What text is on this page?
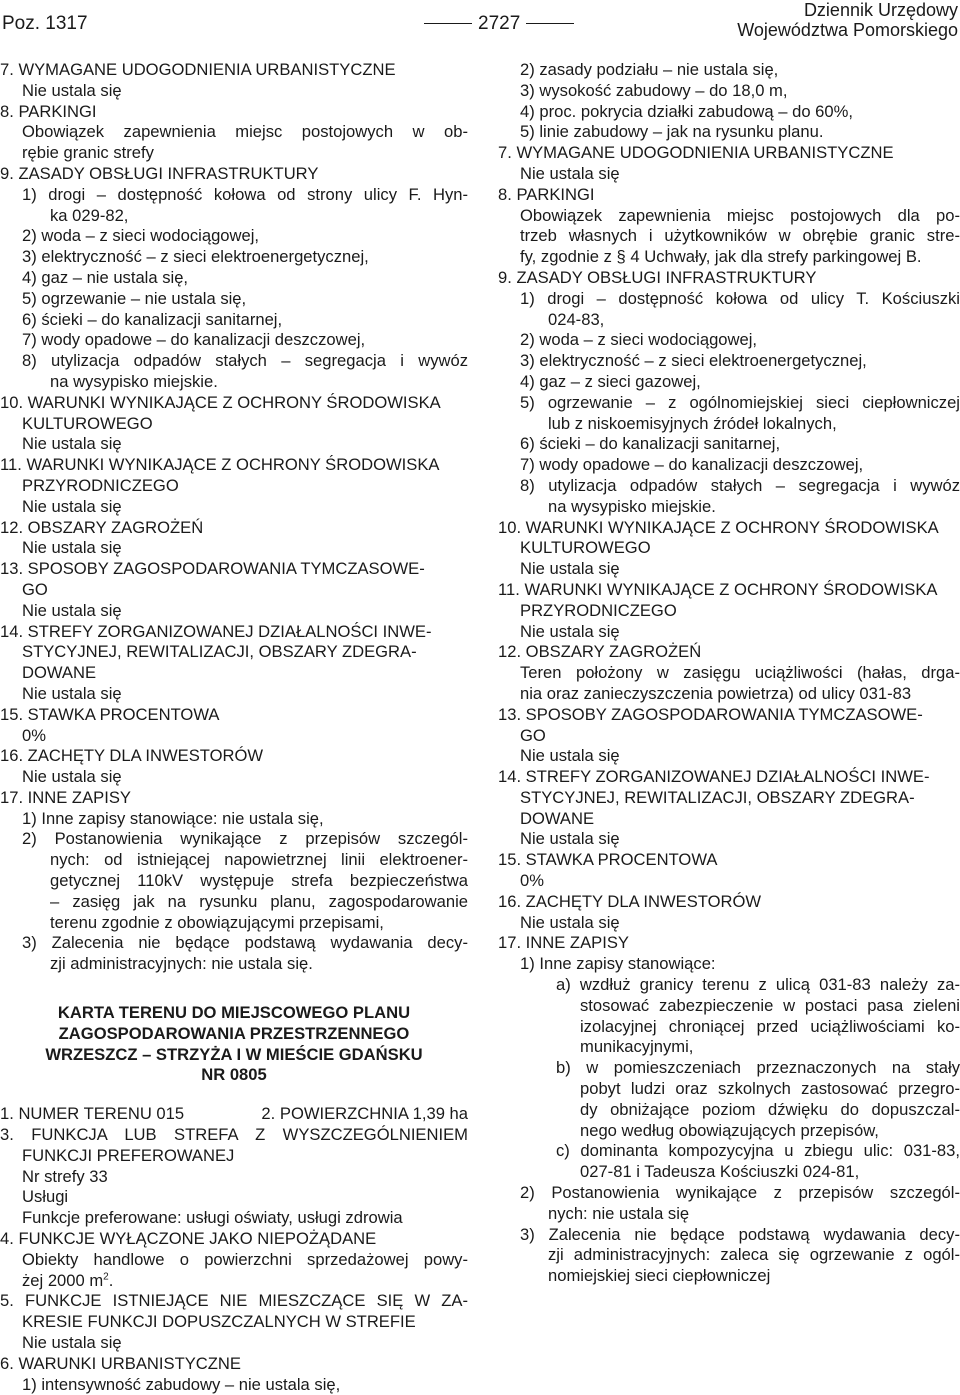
Poz. 1317	2727
Dziennik Urzędowy
Województwa Pomorskiego
7. WYMAGANE UDOGODNIENIA URBANISTYCZNE
Nie ustala się
8. PARKINGI
Obowiązek zapewnienia miejsc postojowych w ob-
rębie granic strefy
9. ZASADY OBSŁUGI INFRASTRUKTURY
1) drogi – dostępność kołowa od strony ulicy F. Hyn-
ka 029-82,
2) woda – z sieci wodociągowej,
3) elektryczność – z sieci elektroenergetycznej,
4) gaz – nie ustala się,
5) ogrzewanie – nie ustala się,
6) ścieki – do kanalizacji sanitarnej,
7) wody opadowe – do kanalizacji deszczowej,
8) utylizacja odpadów stałych – segregacja i wywóz
na wysypisko miejskie.
10. WARUNKI WYNIKAJĄCE Z OCHRONY ŚRODOWISKA
KULTUROWEGO
Nie ustala się
11. WARUNKI WYNIKAJĄCE Z OCHRONY ŚRODOWISKA
PRZYRODNICZEGO
Nie ustala się
12. OBSZARY ZAGROŻEŃ
Nie ustala się
13. SPOSOBY ZAGOSPODAROWANIA TYMCZASOWE-
GO
Nie ustala się
14. STREFY ZORGANIZOWANEJ DZIAŁALNOŚCI INWE-
STYCYJNEJ, REWITALIZACJI, OBSZARY ZDEGRA-
DOWANE
Nie ustala się
15. STAWKA PROCENTOWA
0%
16. ZACHĘTY DLA INWESTORÓW
Nie ustala się
17. INNE ZAPISY
1) Inne zapisy stanowiące: nie ustala się,
2) Postanowienia wynikające z przepisów szczegól-
nych: od istniejącej napowietrznej linii elektroener-
getycznej 110kV występuje strefa bezpieczeństwa
– zasięg jak na rysunku planu, zagospodarowanie
terenu zgodnie z obowiązującymi przepisami,
3) Zalecenia nie będące podstawą wydawania decy-
zji administracyjnych: nie ustala się.
KARTA TERENU DO MIEJSCOWEGO PLANU
ZAGOSPODAROWANIA PRZESTRZENNEGO
WRZESZCZ – STRZYŻA I W MIEŚCIE GDAŃSKU
NR 0805
1. NUMER TERENU 015	2. POWIERZCHNIA 1,39 ha
3. FUNKCJA LUB STREFA Z WYSZCZEGÓLNIENIEM
FUNKCJI PREFEROWANEJ
Nr strefy 33
Usługi
Funkcje preferowane: usługi oświaty, usługi zdrowia
4. FUNKCJE WYŁĄCZONE JAKO NIEPOŻĄDANE
Obiekty handlowe o powierzchni sprzedażowej powy-
żej 2000 $m^2$.
5. FUNKCJE ISTNIEJĄCE NIE MIESZCZĄCE SIĘ W ZA-
KRESIE FUNKCJI DOPUSZCZALNYCH W STREFIE
Nie ustala się
6. WARUNKI URBANISTYCZNE
1) intensywność zabudowy – nie ustala się,
2) zasady podziału – nie ustala się,
3) wysokość zabudowy – do 18,0 m,
4) proc. pokrycia działki zabudową – do 60%,
5) linie zabudowy – jak na rysunku planu.
7. WYMAGANE UDOGODNIENIA URBANISTYCZNE
Nie ustala się
8. PARKINGI
Obowiązek zapewnienia miejsc postojowych dla po-
trzeb własnych i użytkowników w obrębie granic stre-
fy, zgodnie z § 4 Uchwały, jak dla strefy parkingowej B.
9. ZASADY OBSŁUGI INFRASTRUKTURY
1) drogi – dostępność kołowa od ulicy T. Kościuszki
024-83,
2) woda – z sieci wodociągowej,
3) elektryczność – z sieci elektroenergetycznej,
4) gaz – z sieci gazowej,
5) ogrzewanie – z ogólnomiejskiej sieci ciepłowniczej
lub z niskoemisyjnych źródeł lokalnych,
6) ścieki – do kanalizacji sanitarnej,
7) wody opadowe – do kanalizacji deszczowej,
8) utylizacja odpadów stałych – segregacja i wywóz
na wysypisko miejskie.
10. WARUNKI WYNIKAJĄCE Z OCHRONY ŚRODOWISKA
KULTUROWEGO
Nie ustala się
11. WARUNKI WYNIKAJĄCE Z OCHRONY ŚRODOWISKA
PRZYRODNICZEGO
Nie ustala się
12. OBSZARY ZAGROŻEŃ
Teren położony w zasięgu uciążliwości (hałas, drga-
nia oraz zanieczyszczenia powietrza) od ulicy 031-83
13. SPOSOBY ZAGOSPODAROWANIA TYMCZASOWE-
GO
Nie ustala się
14. STREFY ZORGANIZOWANEJ DZIAŁALNOŚCI INWE-
STYCYJNEJ, REWITALIZACJI, OBSZARY ZDEGRA-
DOWANE
Nie ustala się
15. STAWKA PROCENTOWA
0%
16. ZACHĘTY DLA INWESTORÓW
Nie ustala się
17. INNE ZAPISY
1) Inne zapisy stanowiące:
a) wzdłuż granicy terenu z ulicą 031-83 należy za-
stosować zabezpieczenie w postaci pasa zieleni
izolacyjnej chroniącej przed uciążliwościami ko-
munikacyjnymi,
b) w pomieszczeniach przeznaczonych na stały
pobyt ludzi oraz szkolnych zastosować przegro-
dy obniżające poziom dźwięku do dopuszczal-
nego według obowiązujących przepisów,
c) dominanta kompozycyjna u zbiegu ulic: 031-83,
027-81 i Tadeusza Kościuszki 024-81,
2) Postanowienia wynikające z przepisów szczegól-
nych: nie ustala się
3) Zalecenia nie będące podstawą wydawania decy-
zji administracyjnych: zaleca się ogrzewanie z ogól-
nomiejskiej sieci ciepłowniczej
